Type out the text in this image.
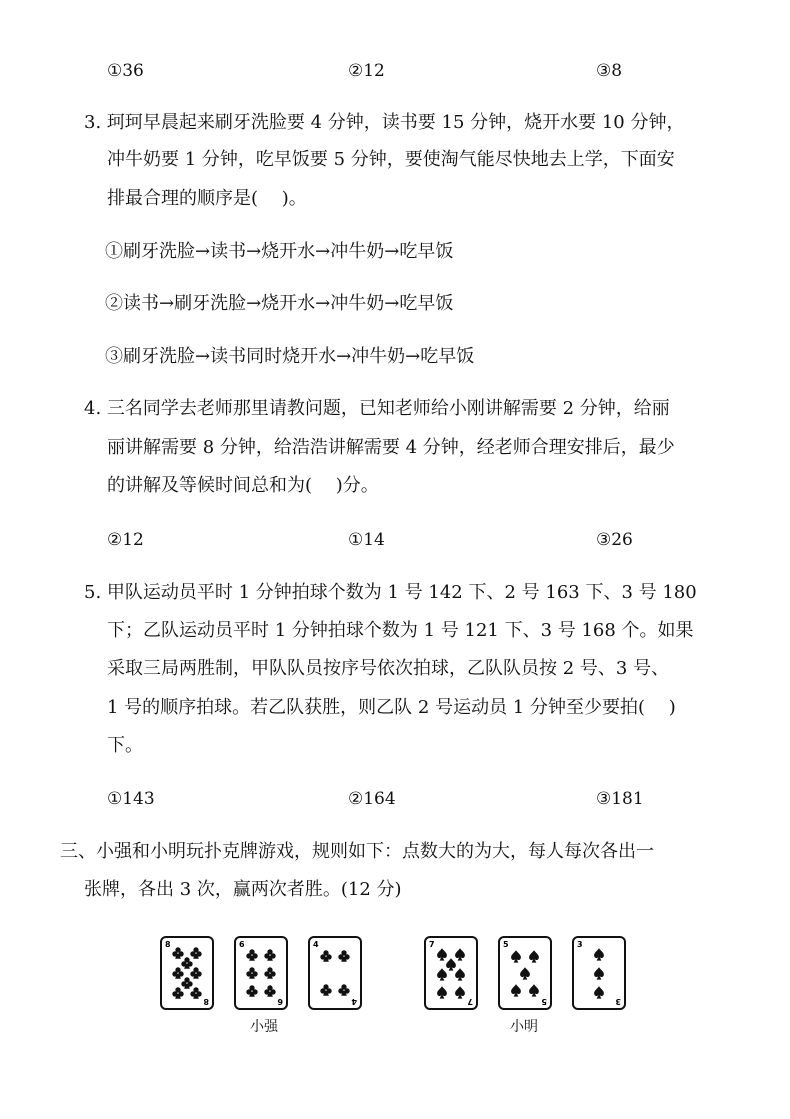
①36	②12	③8
3. 珂珂早晨起来刷牙洗脸要 4 分钟，读书要 15 分钟，烧开水要 10 分钟，
冲牛奶要 1 分钟，吃早饭要 5 分钟，要使淘气能尽快地去上学，下面安
排最合理的顺序是(　 )。
①刷牙洗脸→读书→烧开水→冲牛奶→吃早饭
②读书→刷牙洗脸→烧开水→冲牛奶→吃早饭
③刷牙洗脸→读书同时烧开水→冲牛奶→吃早饭
4. 三名同学去老师那里请教问题，已知老师给小刚讲解需要 2 分钟，给丽
丽讲解需要 8 分钟，给浩浩讲解需要 4 分钟，经老师合理安排后，最少
的讲解及等候时间总和为(　 )分。
②12	①14	③26
5. 甲队运动员平时 1 分钟拍球个数为 1 号 142 下、2 号 163 下、3 号 180
下；乙队运动员平时 1 分钟拍球个数为 1 号 121 下、3 号 168 个。如果
采取三局两胜制，甲队队员按序号依次拍球，乙队队员按 2 号、3 号、
1 号的顺序拍球。若乙队获胜，则乙队 2 号运动员 1 分钟至少要拍(　 )
下。
①143	②164	③181
三、小强和小明玩扑克牌游戏，规则如下：点数大的为大，每人每次各出一
张牌，各出 3 次，赢两次者胜。(12 分)
8
8
6
6
4
4
小强
7
7
5
5
3
3
小明
